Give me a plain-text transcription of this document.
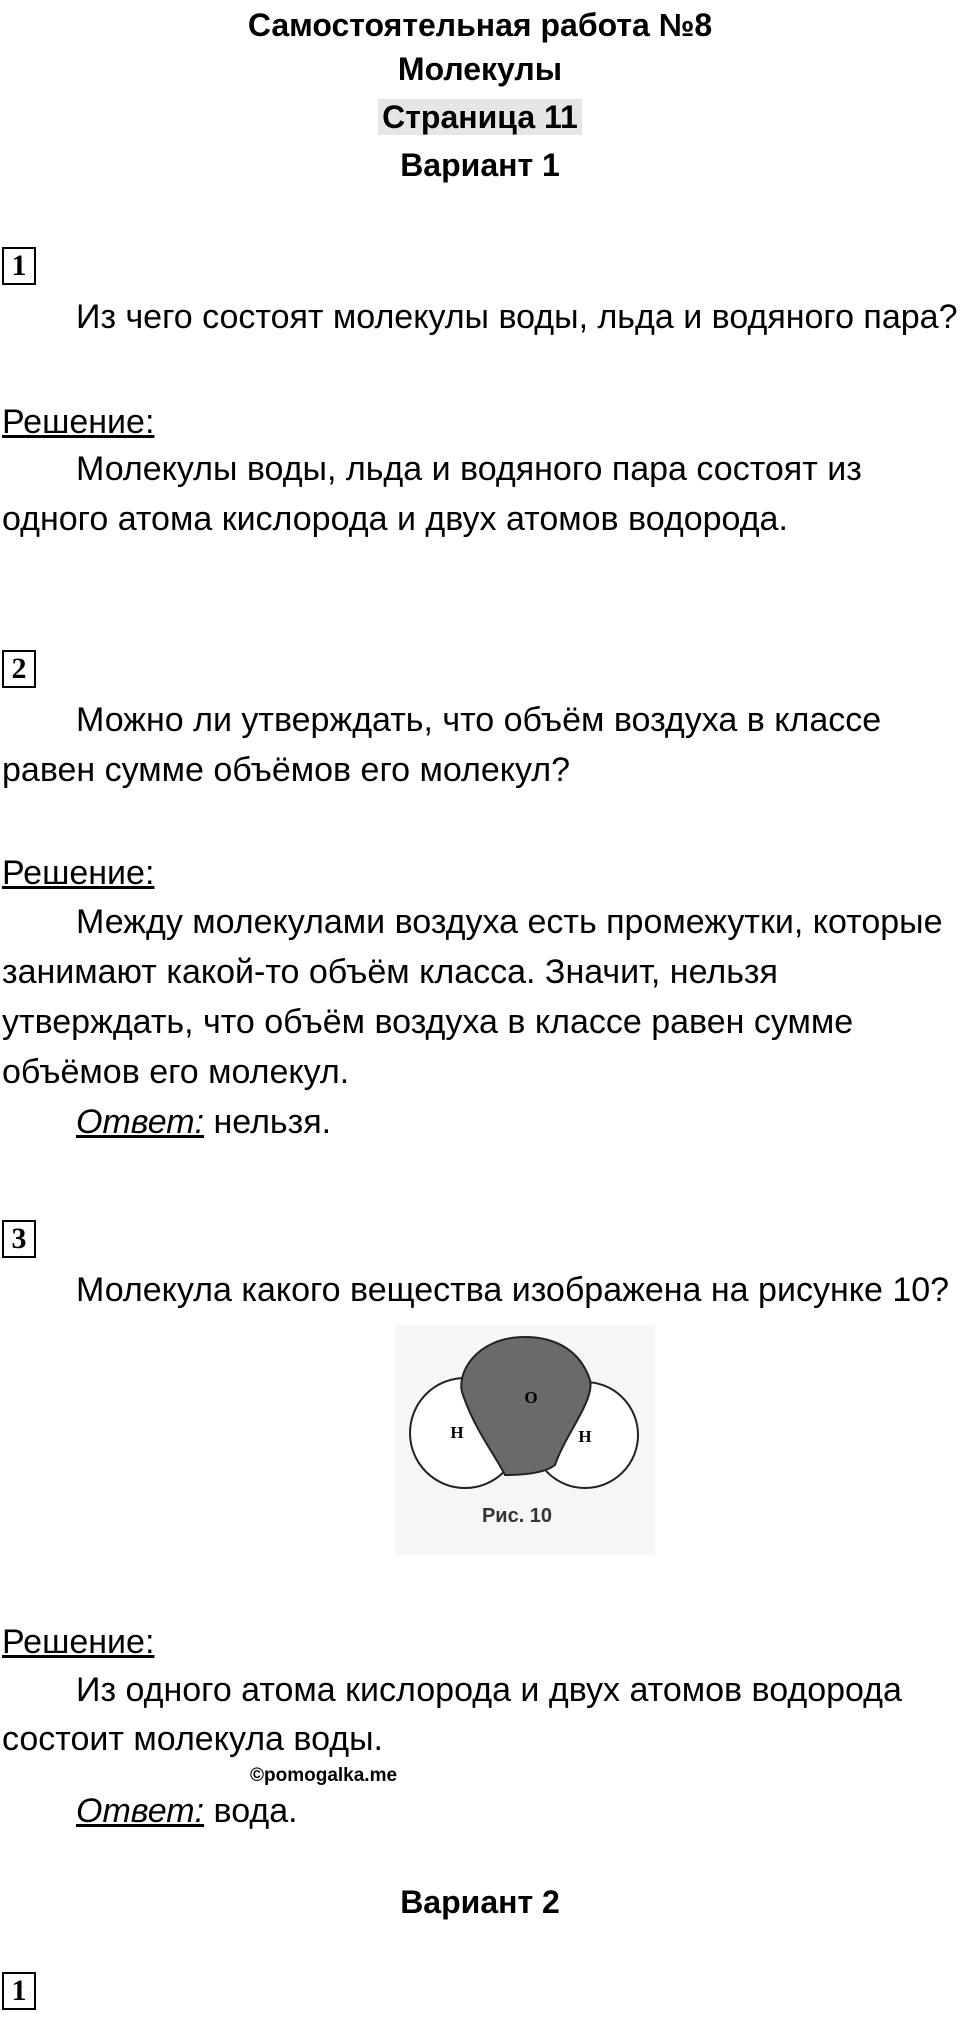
Самостоятельная работа №8
Молекулы
Страница 11
Вариант 1
1
Из чего состоят молекулы воды, льда и водяного пара?
Решение:
Молекулы воды, льда и водяного пара состоят из
одного атома кислорода и двух атомов водорода.
2
Можно ли утверждать, что объём воздуха в классе
равен сумме объёмов его молекул?
Решение:
Между молекулами воздуха есть промежутки, которые
занимают какой-то объём класса. Значит, нельзя
утверждать, что объём воздуха в классе равен сумме
объёмов его молекул.
Ответ: нельзя.
3
Молекула какого вещества изображена на рисунке 10?
O
H	H
Рис. 10
Решение:
Из одного атома кислорода и двух атомов водорода
состоит молекула воды.
©pomogalka.me
Ответ: вода.
Вариант 2
1
